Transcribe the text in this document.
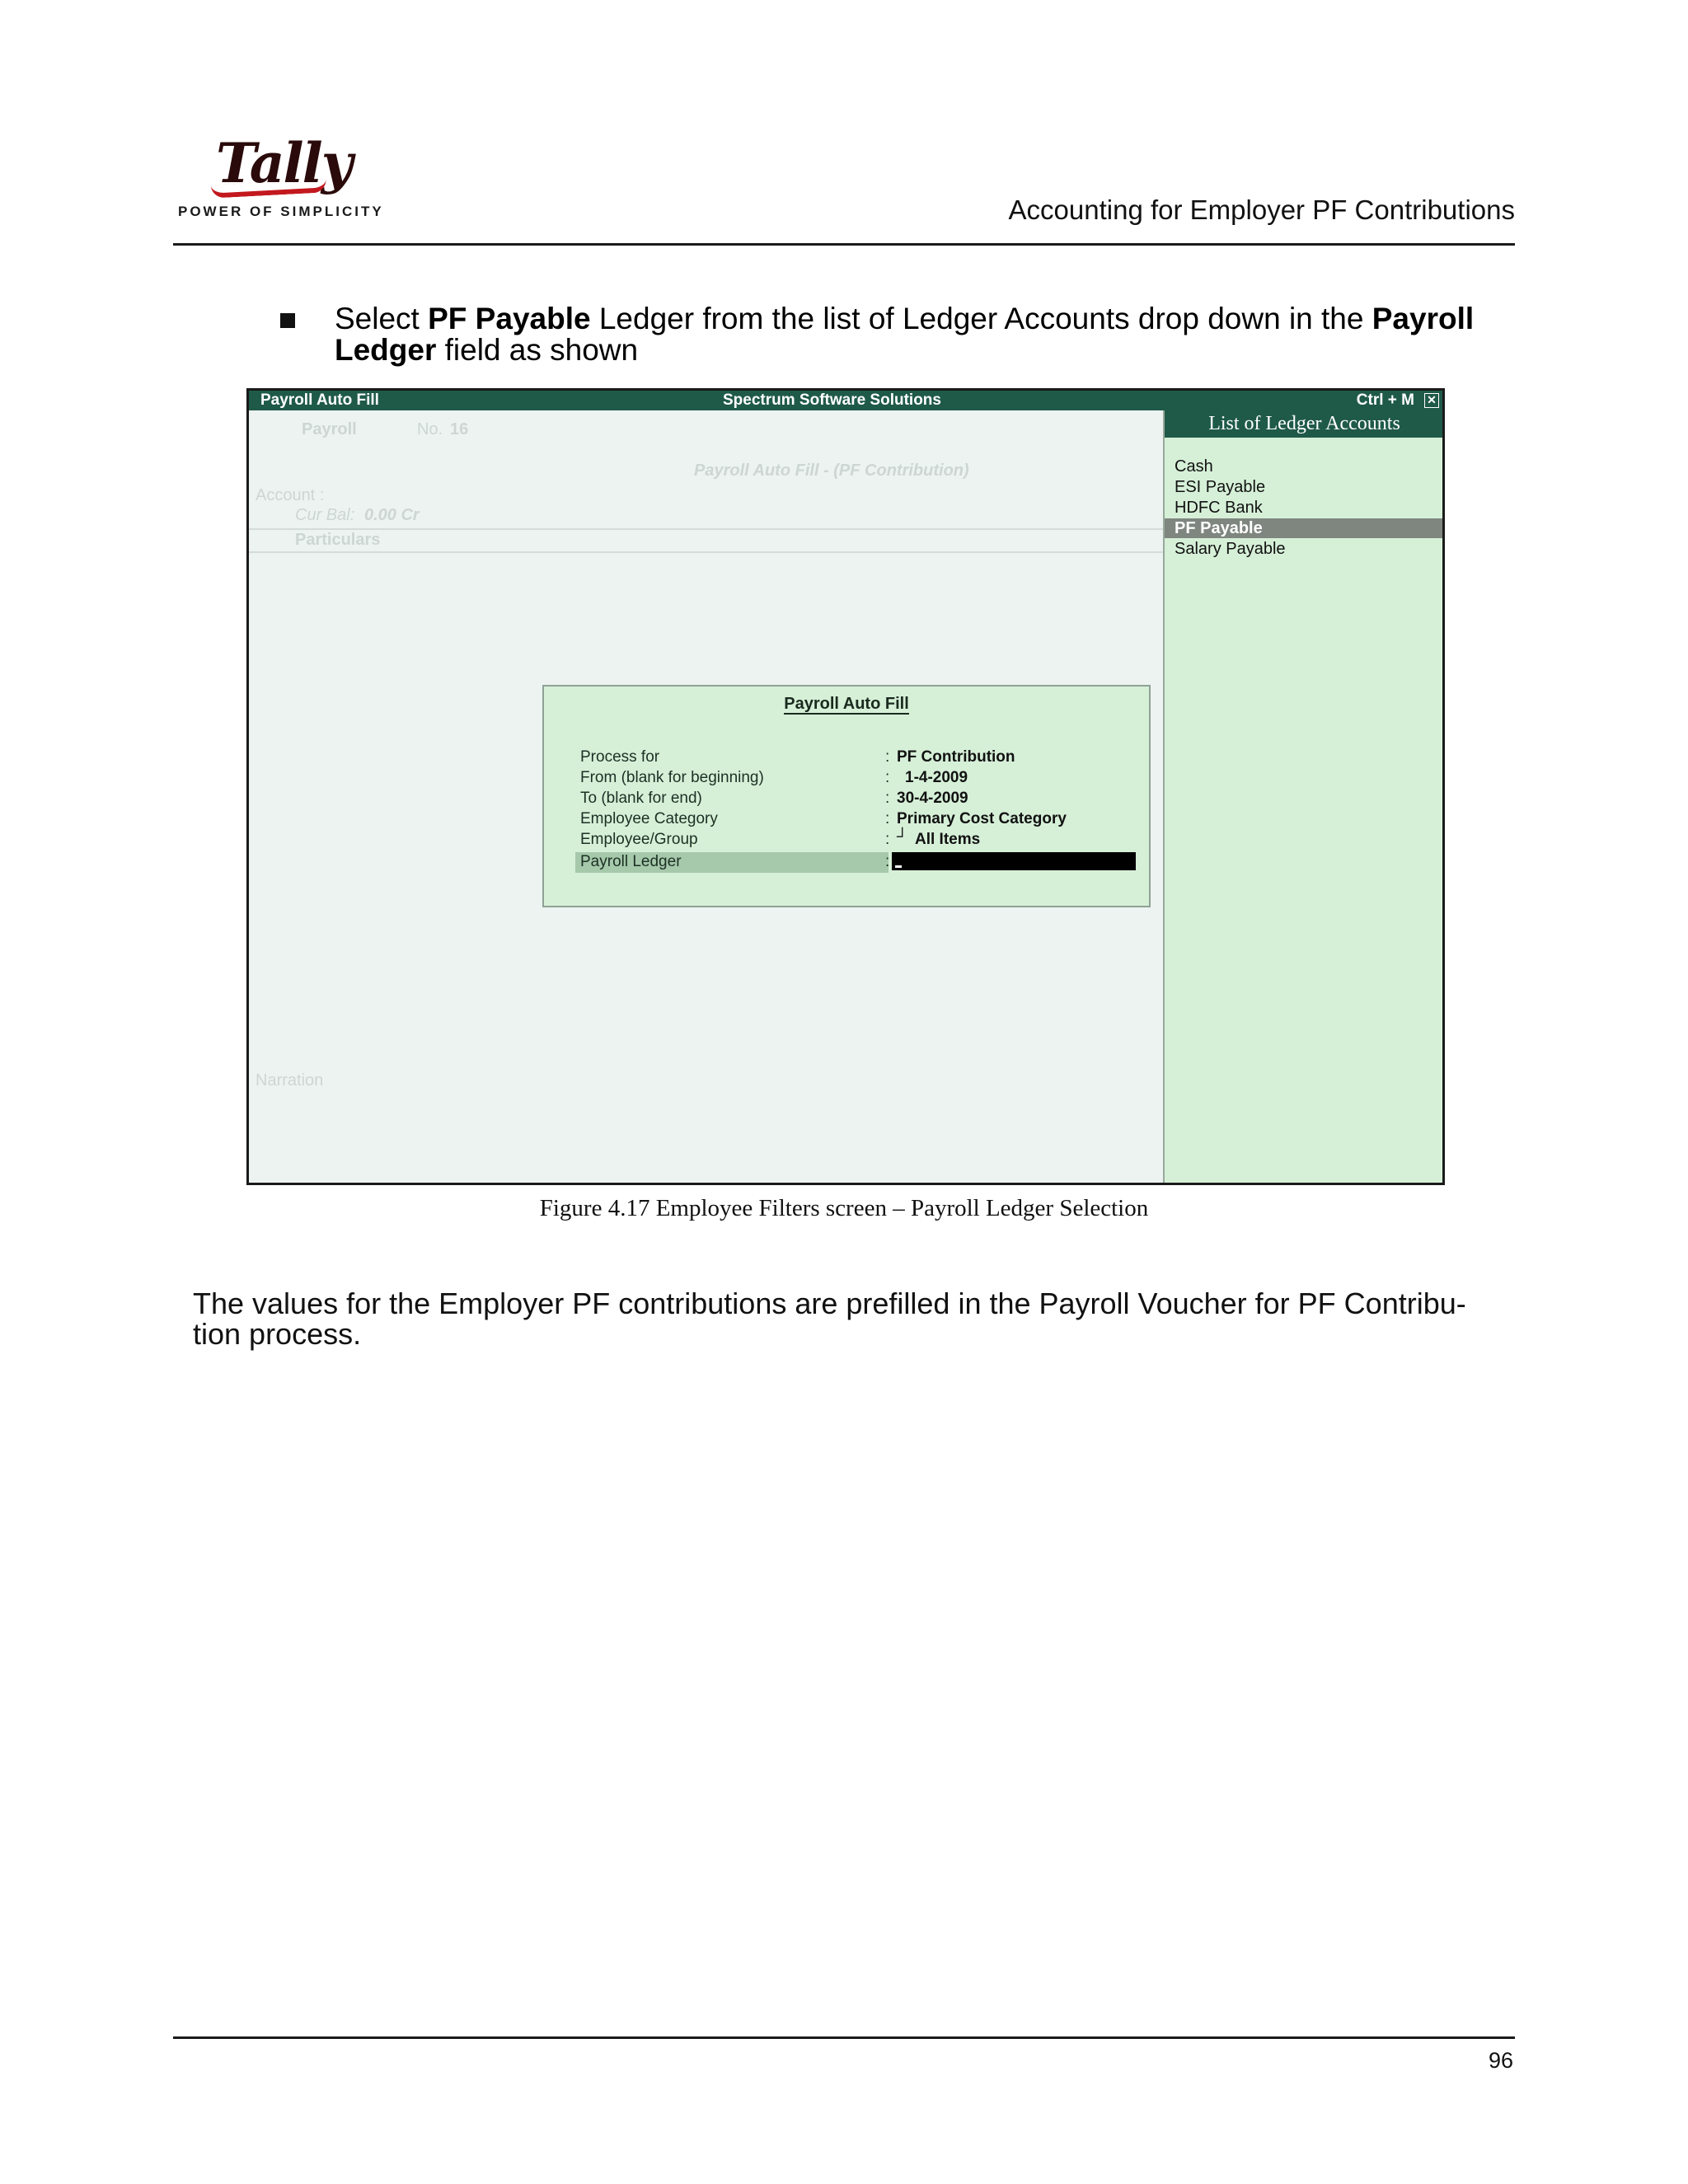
Tally
POWER OF SIMPLICITY	Accounting for Employer PF Contributions
Select PF Payable Ledger from the list of Ledger Accounts drop down in the Payroll Ledger field as shown
Payroll Auto Fill	Spectrum Software Solutions	Ctrl + M ✕
Payroll	No. 16
Payroll Auto Fill - (PF Contribution)
Account :
Cur Bal: 0.00 Cr
Particulars
Narration
List of Ledger Accounts
Cash
ESI Payable
HDFC Bank
PF Payable
Salary Payable
Payroll Auto Fill
Process for	: PF Contribution
From (blank for beginning)	: 1-4-2009
To (blank for end)	: 30-4-2009
Employee Category	: Primary Cost Category
Employee/Group	: ┘ All Items
Payroll Ledger	:
Figure 4.17 Employee Filters screen – Payroll Ledger Selection
The values for the Employer PF contributions are prefilled in the Payroll Voucher for PF Contribu-tion process.
96
